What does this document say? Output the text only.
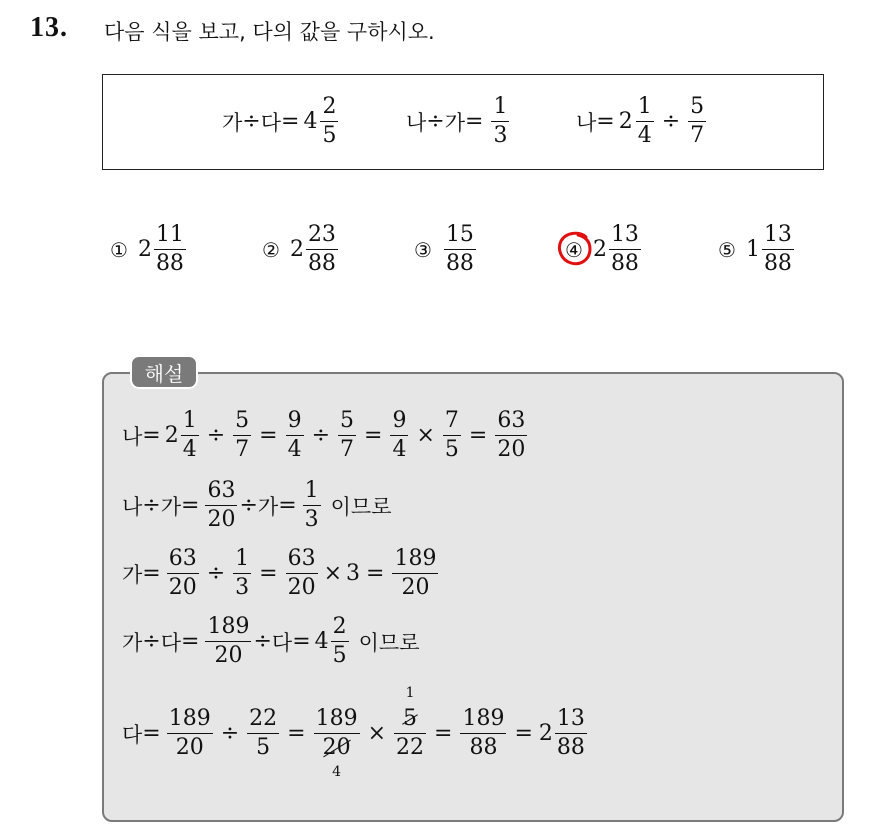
13. 다음 식을 보고, 다의 값을 구하시오.
가 ÷ 다 = $4 \frac{2}{5}$	나 ÷ 가 = $\frac{1}{3}$	나 = $2 \frac{1}{4} \div \frac{5}{7}$
① $2 \frac{11}{88}$	② $2 \frac{23}{88}$	③ $\frac{15}{88}$	④ $2 \frac{13}{88}$	⑤ $1 \frac{13}{88}$
해설
나 = $2 \frac{1}{4} \div \frac{5}{7} = \frac{9}{4} \div \frac{5}{7} = \frac{9}{4} \times \frac{7}{5} = \frac{63}{20}$
나 ÷ 가 = $\frac{63}{20}$ ÷ 가 = $\frac{1}{3}$ 이므로
가 = $\frac{63}{20} \div \frac{1}{3} = \frac{63}{20} \times 3 = \frac{189}{20}$
가 ÷ 다 = $\frac{189}{20}$ ÷ 다 = $4 \frac{2}{5}$ 이므로
다 = $\frac{189}{20} \div \frac{22}{5}$ =
189
20
4
×
1
5
22
= $\frac{189}{88} = 2 \frac{13}{88}$
